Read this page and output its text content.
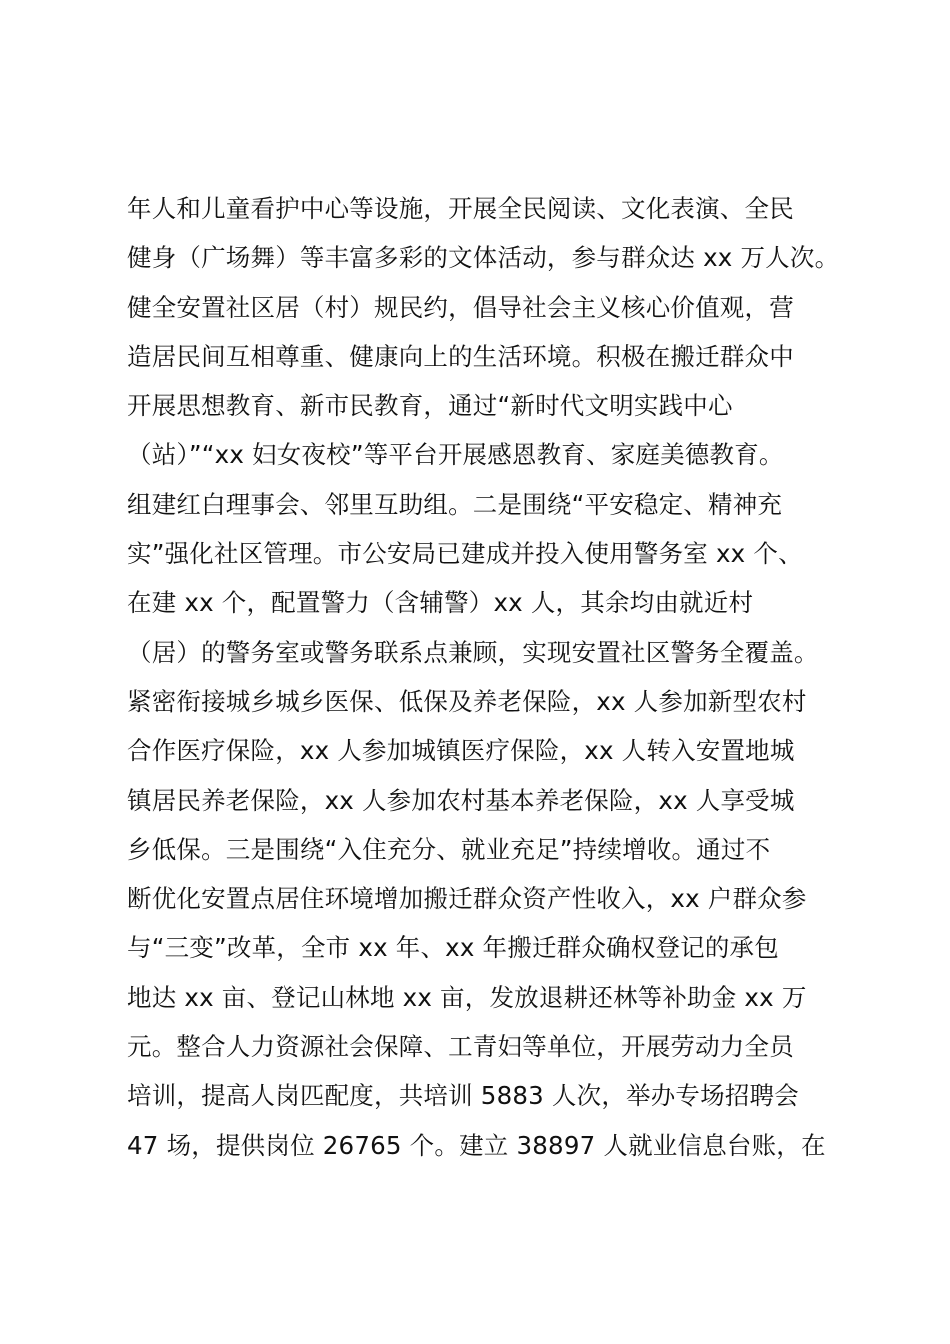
年人和儿童看护中心等设施，开展全民阅读、文化表演、全民
健身（广场舞）等丰富多彩的文体活动，参与群众达 xx 万人次。
健全安置社区居（村）规民约，倡导社会主义核心价值观，营
造居民间互相尊重、健康向上的生活环境。积极在搬迁群众中
开展思想教育、新市民教育，通过“新时代文明实践中心
（站）”“xx 妇女夜校”等平台开展感恩教育、家庭美德教育。
组建红白理事会、邻里互助组。二是围绕“平安稳定、精神充
实”强化社区管理。市公安局已建成并投入使用警务室 xx 个、
在建 xx 个，配置警力（含辅警）xx 人，其余均由就近村
（居）的警务室或警务联系点兼顾，实现安置社区警务全覆盖。
紧密衔接城乡城乡医保、低保及养老保险，xx 人参加新型农村
合作医疗保险，xx 人参加城镇医疗保险，xx 人转入安置地城
镇居民养老保险，xx 人参加农村基本养老保险，xx 人享受城
乡低保。三是围绕“入住充分、就业充足”持续增收。通过不
断优化安置点居住环境增加搬迁群众资产性收入，xx 户群众参
与“三变”改革，全市 xx 年、xx 年搬迁群众确权登记的承包
地达 xx 亩、登记山林地 xx 亩，发放退耕还林等补助金 xx 万
元。整合人力资源社会保障、工青妇等单位，开展劳动力全员
培训，提高人岗匹配度，共培训 5883 人次，举办专场招聘会
47 场，提供岗位 26765 个。建立 38897 人就业信息台账，在
